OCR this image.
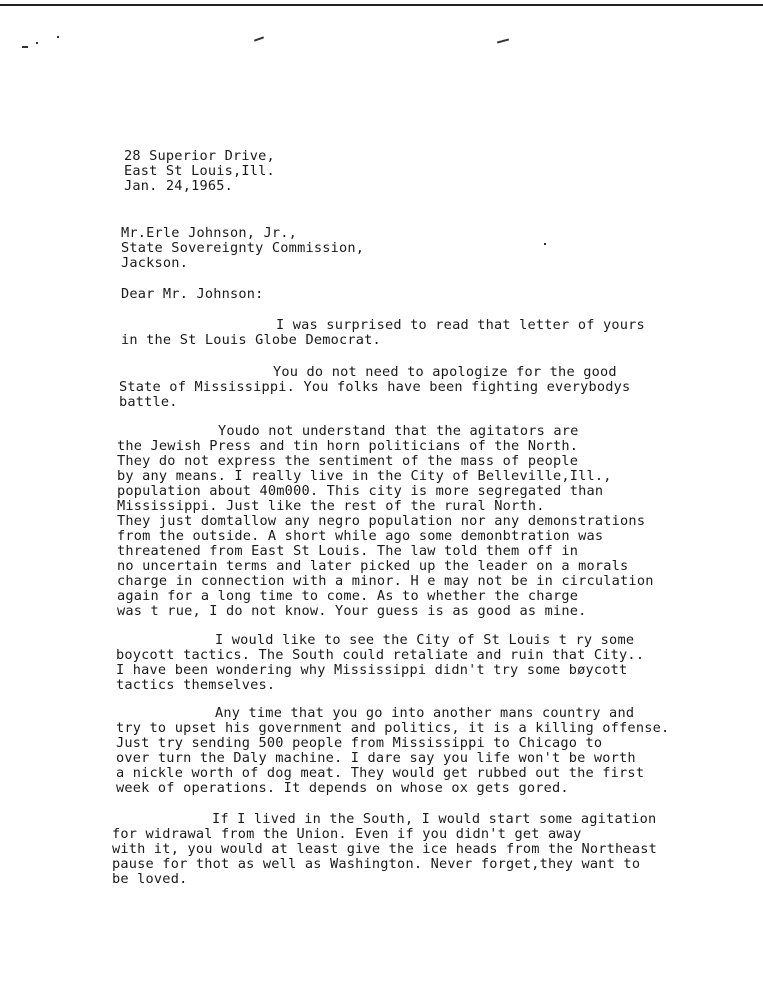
28 Superior Drive,
East St Louis,Ill.
Jan. 24,1965.
Mr.Erle Johnson, Jr.,
State Sovereignty Commission,
Jackson.
Dear Mr. Johnson:
I was surprised to read that letter of yours
in the St Louis Globe Democrat.
You do not need to apologize for the good
State of Mississippi. You folks have been fighting everybodys
battle.
Youdo not understand that the agitators are
the Jewish Press and tin horn politicians of the North.
They do not express the sentiment of the mass of people
by any means. I really live in the City of Belleville,Ill.,
population about 40m000. This city is more segregated than
Mississippi. Just like the rest of the rural North.
They just domtallow any negro population nor any demonstrations
from the outside. A short while ago some demonbtration was
threatened from East St Louis. The law told them off in
no uncertain terms and later picked up the leader on a morals
charge in connection with a minor. H e may not be in circulation
again for a long time to come. As to whether the charge
was t rue, I do not know. Your guess is as good as mine.
I would like to see the City of St Louis t ry some
boycott tactics. The South could retaliate and ruin that City..
I have been wondering why Mississippi didn't try some bøycott
tactics themselves.
Any time that you go into another mans country and
try to upset his government and politics, it is a killing offense.
Just try sending 500 people from Mississippi to Chicago to
over turn the Daly machine. I dare say you life won't be worth
a nickle worth of dog meat. They would get rubbed out the first
week of operations. It depends on whose ox gets gored.
If I lived in the South, I would start some agitation
for widrawal from the Union. Even if you didn't get away
with it, you would at least give the ice heads from the Northeast
pause for thot as well as Washington. Never forget,they want to
be loved.
